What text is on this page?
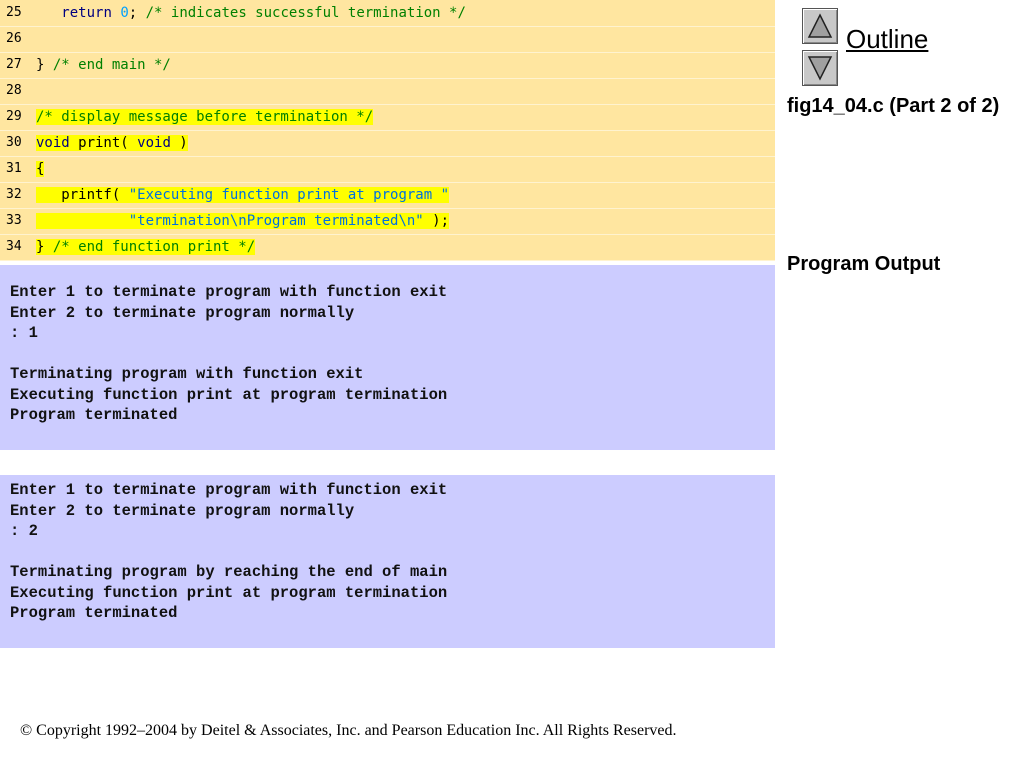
25	return 0; /* indicates successful termination */
26
27	} /* end main */
28
29	/* display message before termination */
30	void print( void )
31	{
32	printf( "Executing function print at program "
33	"termination\nProgram terminated\n" );
34	} /* end function print */
Enter 1 to terminate program with function exit
Enter 2 to terminate program normally
: 1
Terminating program with function exit
Executing function print at program termination
Program terminated
Enter 1 to terminate program with function exit
Enter 2 to terminate program normally
: 2
Terminating program by reaching the end of main
Executing function print at program termination
Program terminated
Outline
fig14_04.c (Part 2 of 2)
Program Output
© Copyright 1992–2004 by Deitel & Associates, Inc. and Pearson Education Inc. All Rights Reserved.
